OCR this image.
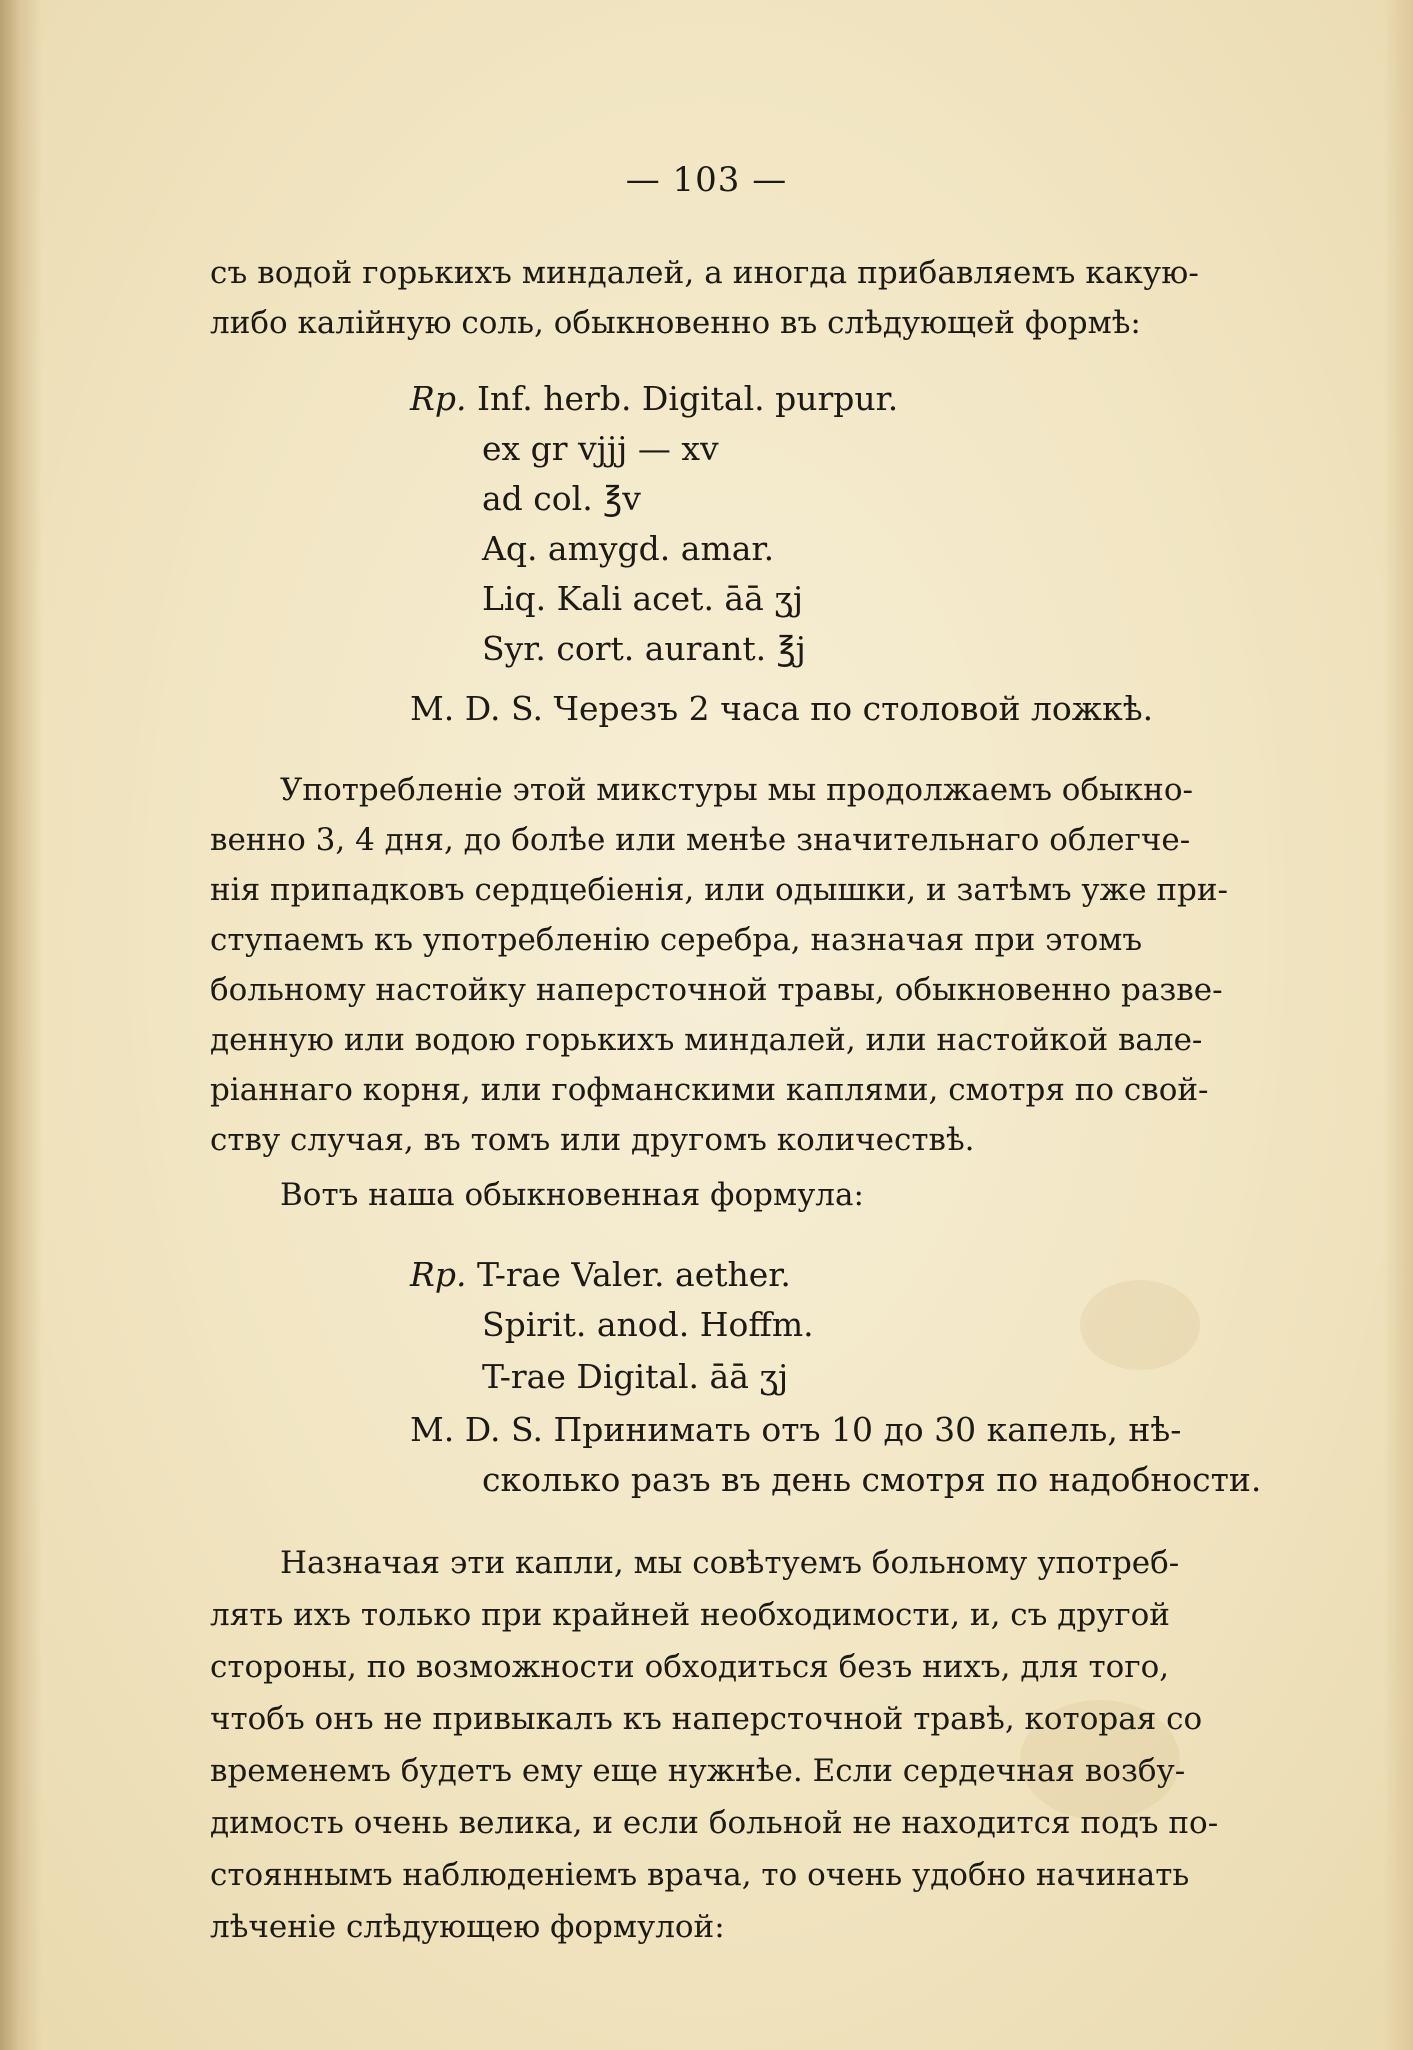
— 103 —
съ водой горькихъ миндалей, а иногда прибавляемъ какую-
либо калійную соль, обыкновенно въ слѣдующей формѣ:
Rp. Inf. herb. Digital. purpur.
ex gr vjjj — xv
ad col. ℥v
Aq. amygd. amar.
Liq. Kali acet. āā ʒj
Syr. cort. aurant. ℥j
M. D. S. Черезъ 2 часа по столовой ложкѣ.
Употребленіе этой микстуры мы продолжаемъ обыкно-
венно 3, 4 дня, до болѣе или менѣе значительнаго облегче-
нія припадковъ сердцебіенія, или одышки, и затѣмъ уже при-
ступаемъ къ употребленію серебра, назначая при этомъ
больному настойку наперсточной травы, обыкновенно разве-
денную или водою горькихъ миндалей, или настойкой вале-
ріаннаго корня, или гофманскими каплями, смотря по свой-
ству случая, въ томъ или другомъ количествѣ.
Вотъ наша обыкновенная формула:
Rp. T-rae Valer. aether.
Spirit. anod. Hoffm.
T-rae Digital. āā ʒj
M. D. S. Принимать отъ 10 до 30 капель, нѣ-
сколько разъ въ день смотря по надобности.
Назначая эти капли, мы совѣтуемъ больному употреб-
лять ихъ только при крайней необходимости, и, съ другой
стороны, по возможности обходиться безъ нихъ, для того,
чтобъ онъ не привыкалъ къ наперсточной травѣ, которая со
временемъ будетъ ему еще нужнѣе. Если сердечная возбу-
димость очень велика, и если больной не находится подъ по-
стояннымъ наблюденіемъ врача, то очень удобно начинать
лѣченіе слѣдующею формулой:
